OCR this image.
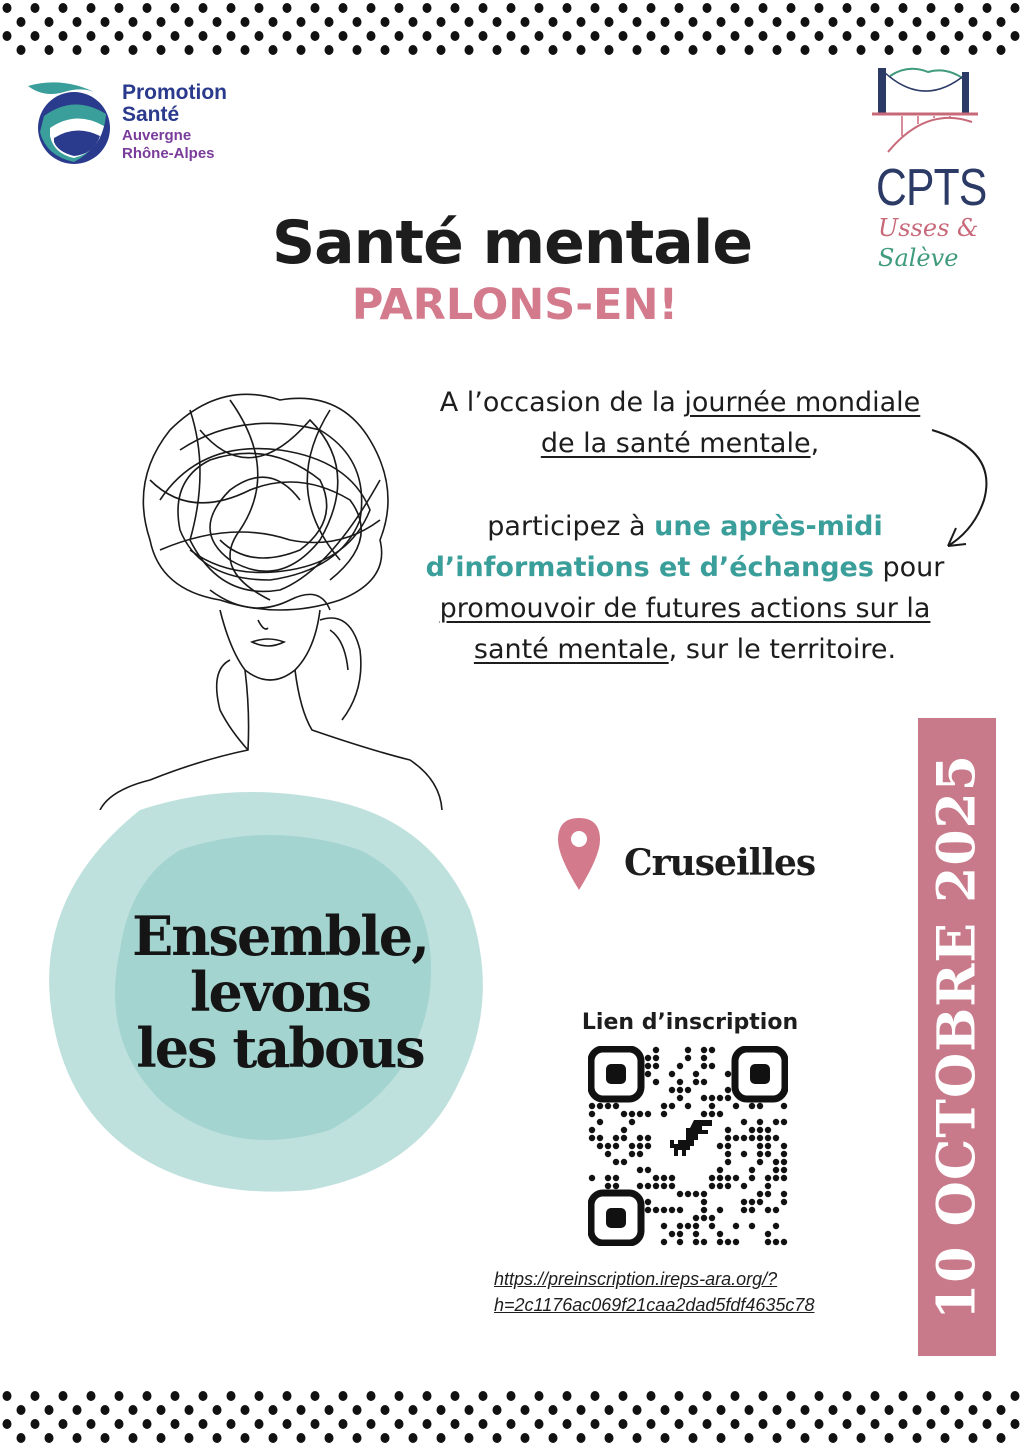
Promotion
Santé
Auvergne
Rhône-Alpes
CPTS
Usses &
Salève
Santé mentale
PARLONS-EN!
A l’occasion de la journée mondiale de la santé mentale,
participez à une après-midi d’informations et d’échanges pour promouvoir de futures actions sur la santé mentale, sur le territoire.
Cruseilles
Ensemble,
levons
les tabous	Lien d’inscription
https://preinscription.ireps-ara.org/?
h=2c1176ac069f21caa2dad5fdf4635c78 10 OCTOBRE 2025
